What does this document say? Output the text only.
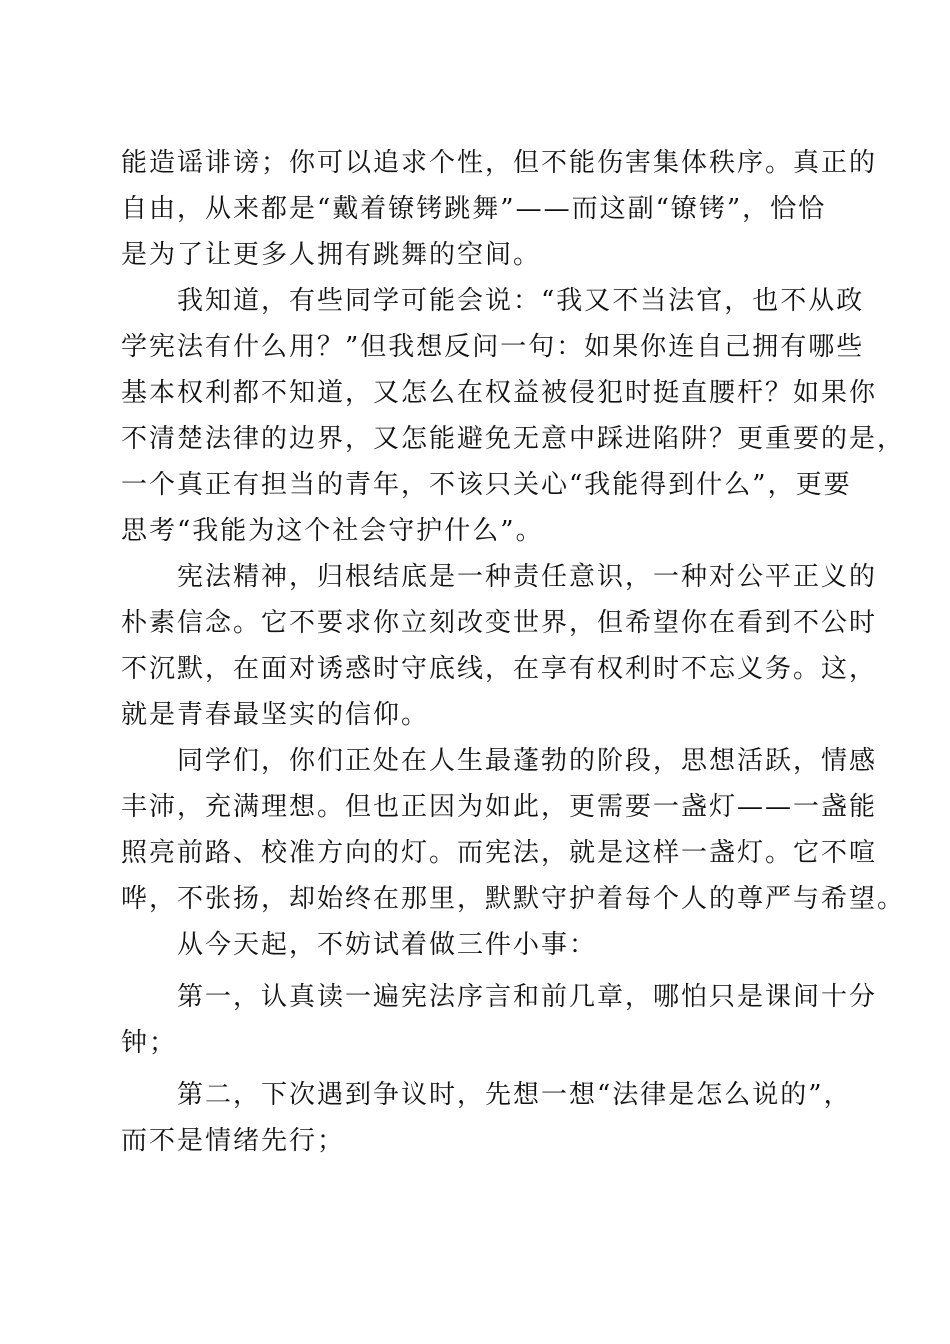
能造谣诽谤；你可以追求个性，但不能伤害集体秩序。真正的
自由，从来都是“戴着镣铐跳舞”——而这副“镣铐”，恰恰
是为了让更多人拥有跳舞的空间。

我知道，有些同学可能会说：“我又不当法官，也不从政
学宪法有什么用？”但我想反问一句：如果你连自己拥有哪些
基本权利都不知道，又怎么在权益被侵犯时挺直腰杆？如果你
不清楚法律的边界，又怎能避免无意中踩进陷阱？更重要的是，
一个真正有担当的青年，不该只关心“我能得到什么”，更要
思考“我能为这个社会守护什么”。

宪法精神，归根结底是一种责任意识，一种对公平正义的
朴素信念。它不要求你立刻改变世界，但希望你在看到不公时
不沉默，在面对诱惑时守底线，在享有权利时不忘义务。这，
就是青春最坚实的信仰。

同学们，你们正处在人生最蓬勃的阶段，思想活跃，情感
丰沛，充满理想。但也正因为如此，更需要一盏灯——一盏能
照亮前路、校准方向的灯。而宪法，就是这样一盏灯。它不喧
哗，不张扬，却始终在那里，默默守护着每个人的尊严与希望。

从今天起，不妨试着做三件小事：

第一，认真读一遍宪法序言和前几章，哪怕只是课间十分
钟；

第二，下次遇到争议时，先想一想“法律是怎么说的”，
而不是情绪先行；
